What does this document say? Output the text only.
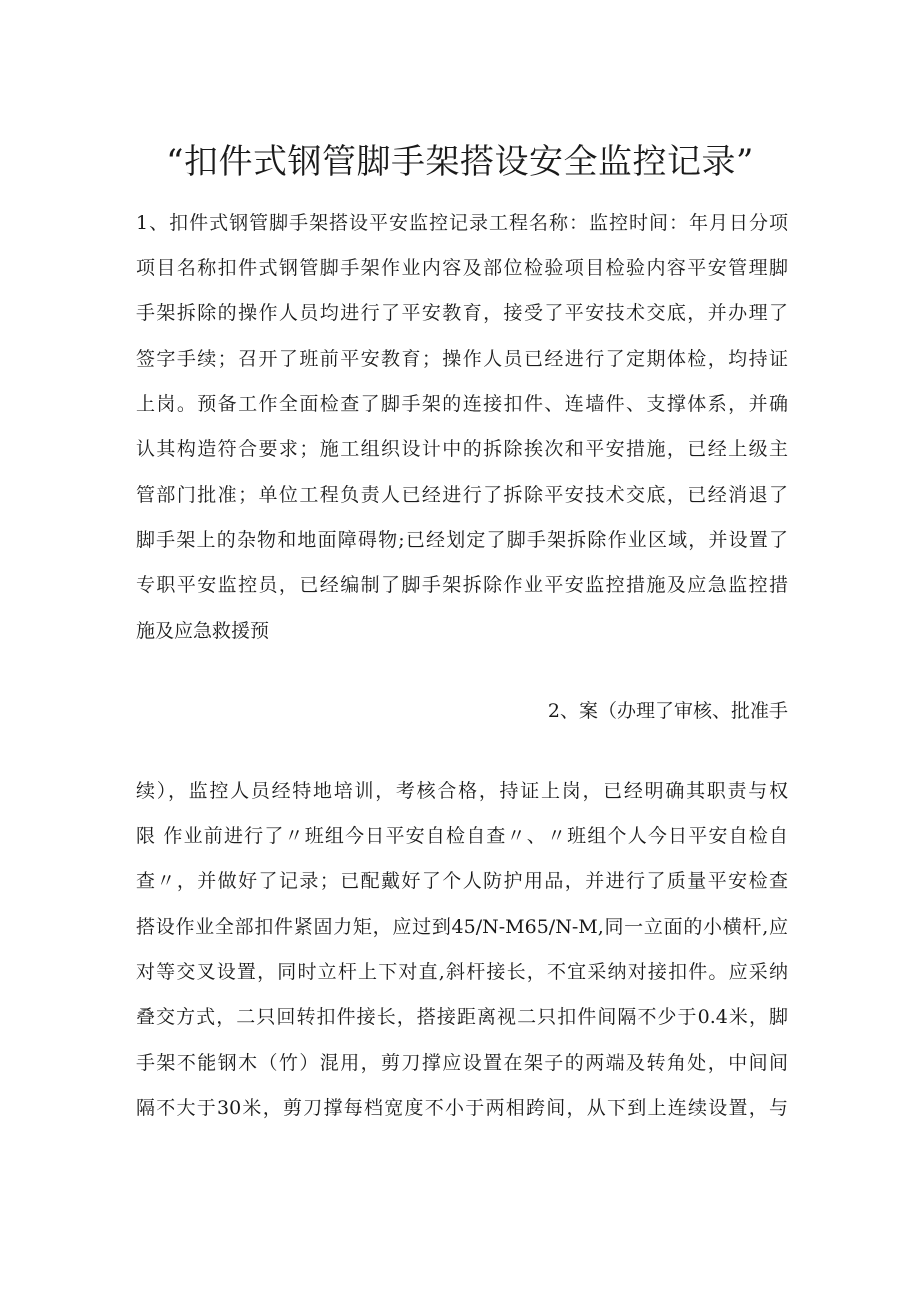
“扣件式钢管脚手架搭设安全监控记录”
1、扣件式钢管脚手架搭设平安监控记录工程名称：监控时间：年月日分项
项目名称扣件式钢管脚手架作业内容及部位检验项目检验内容平安管理脚
手架拆除的操作人员均进行了平安教育，接受了平安技术交底，并办理了
签字手续；召开了班前平安教育；操作人员已经进行了定期体检，均持证
上岗。预备工作全面检查了脚手架的连接扣件、连墙件、支撑体系，并确
认其构造符合要求；施工组织设计中的拆除挨次和平安措施，已经上级主
管部门批准；单位工程负责人已经进行了拆除平安技术交底，已经消退了
脚手架上的杂物和地面障碍物;已经划定了脚手架拆除作业区域，并设置了
专职平安监控员，已经编制了脚手架拆除作业平安监控措施及应急监控措
施及应急救援预
2、案（办理了审核、批准手
续），监控人员经特地培训，考核合格，持证上岗，已经明确其职责与权
限 作业前进行了〃班组今日平安自检自查〃、〃班组个人今日平安自检自
查〃，并做好了记录；已配戴好了个人防护用品，并进行了质量平安检查
搭设作业全部扣件紧固力矩，应过到45/N-M65/N-M,同一立面的小横杆,应
对等交叉设置，同时立杆上下对直,斜杆接长，不宜采纳对接扣件。应采纳
叠交方式，二只回转扣件接长，搭接距离视二只扣件间隔不少于0.4米，脚
手架不能钢木（竹）混用，剪刀撑应设置在架子的两端及转角处，中间间
隔不大于30米，剪刀撑每档宽度不小于两相跨间，从下到上连续设置，与
